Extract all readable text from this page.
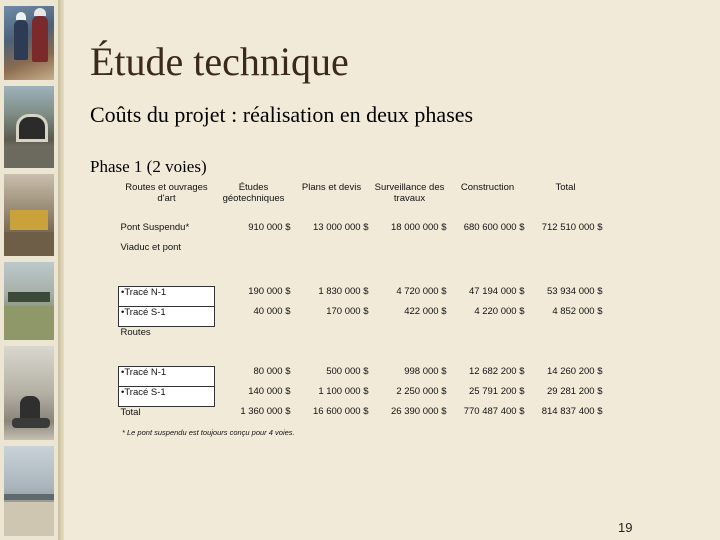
Étude technique
Coûts du projet : réalisation en deux phases
Phase 1 (2 voies)
Routes et ouvrages d'art	Études géotechniques	Plans et devis	Surveillance des travaux	Construction	Total
Pont Suspendu*	910 000 $	13 000 000 $	18 000 000 $	680 600 000 $	712 510 000 $
Viaduc et pont					
•Tracé N-1	190 000 $	1 830 000 $	4 720 000 $	47 194 000 $	53 934 000 $
•Tracé S-1	40 000 $	170 000 $	422 000 $	4 220 000 $	4 852 000 $
Routes					
•Tracé N-1	80 000 $	500 000 $	998 000 $	12 682 200 $	14 260 200 $
•Tracé S-1	140 000 $	1 100 000 $	2 250 000 $	25 791 200 $	29 281 200 $
Total	1 360 000 $	16 600 000 $	26 390 000 $	770 487 400 $	814 837 400 $
* Le pont suspendu est toujours conçu pour 4 voies.
19
